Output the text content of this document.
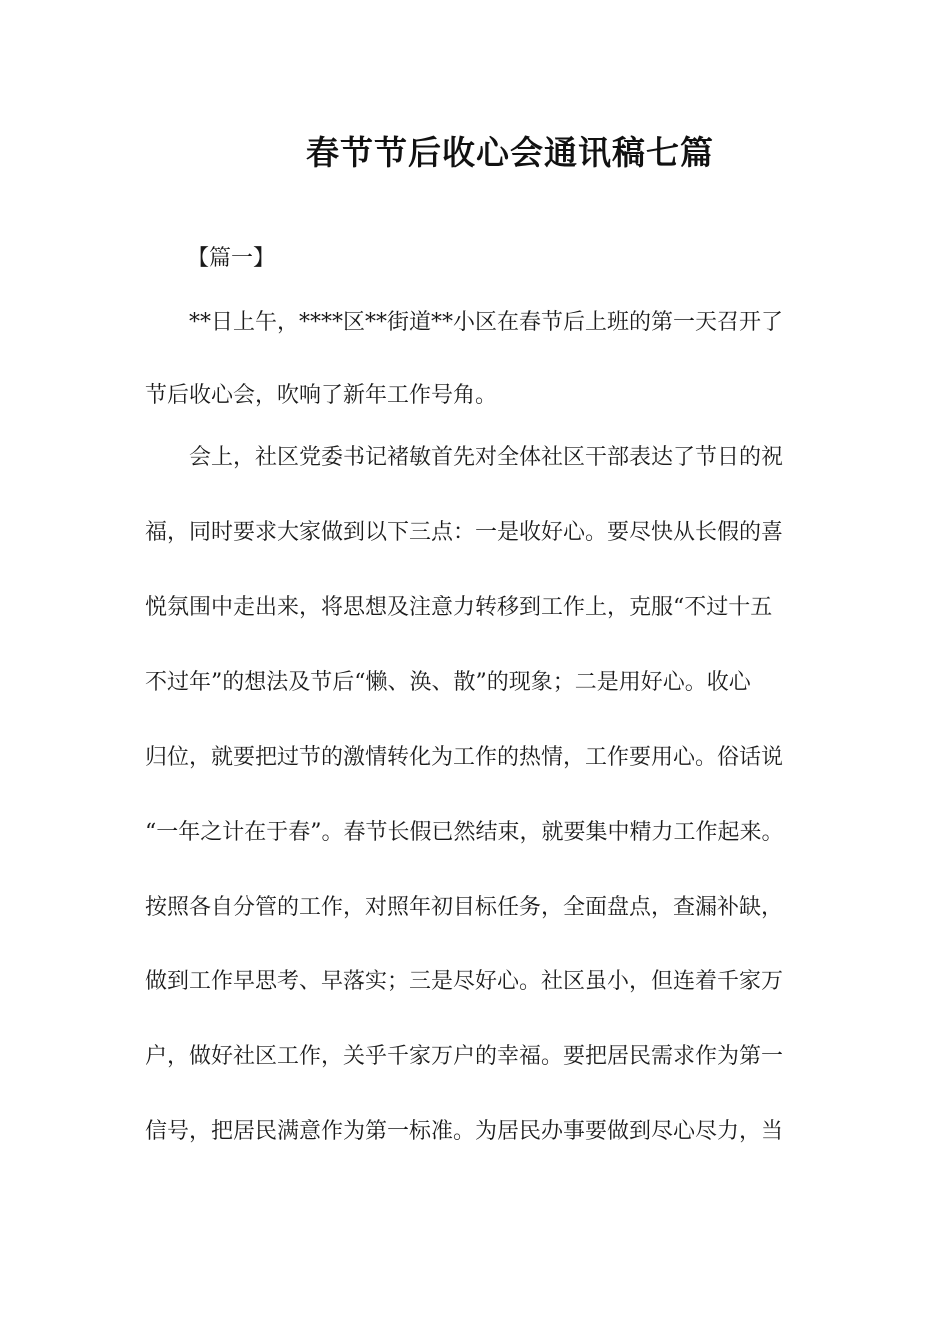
春节节后收心会通讯稿七篇
【篇一】
**日上午，****区**街道**小区在春节后上班的第一天召开了
节后收心会，吹响了新年工作号角。
会上，社区党委书记褚敏首先对全体社区干部表达了节日的祝
福，同时要求大家做到以下三点：一是收好心。要尽快从长假的喜
悦氛围中走出来，将思想及注意力转移到工作上，克服“不过十五
不过年”的想法及节后“懒、涣、散”的现象；二是用好心。收心
归位，就要把过节的激情转化为工作的热情，工作要用心。俗话说
“一年之计在于春”。春节长假已然结束，就要集中精力工作起来。
按照各自分管的工作，对照年初目标任务，全面盘点，查漏补缺，
做到工作早思考、早落实；三是尽好心。社区虽小，但连着千家万
户，做好社区工作，关乎千家万户的幸福。要把居民需求作为第一
信号，把居民满意作为第一标准。为居民办事要做到尽心尽力，当
